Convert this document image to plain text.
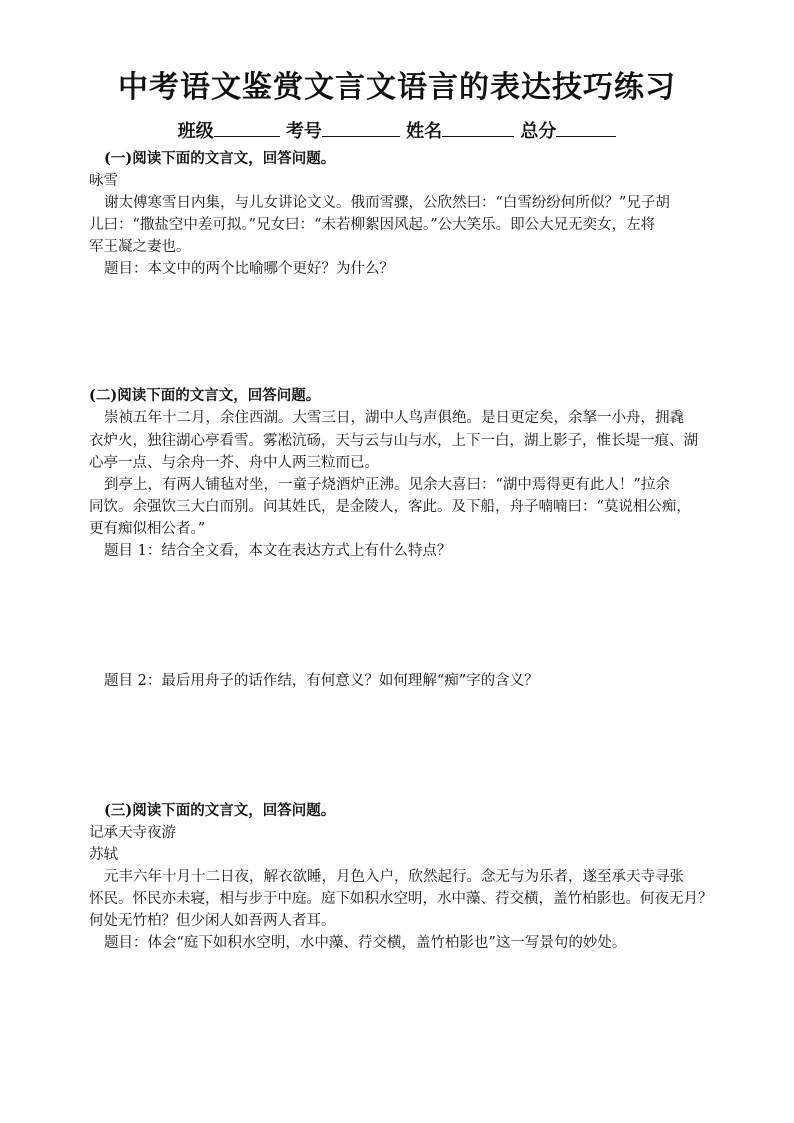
中考语文鉴赏文言文语言的表达技巧练习
班级	考号	姓名	总分
(一)阅读下面的文言文，回答问题。
咏雪
谢太傅寒雪日内集，与儿女讲论文义。俄而雪骤，公欣然曰：“白雪纷纷何所似？”兄子胡
儿曰：“撒盐空中差可拟。”兄女曰：“未若柳絮因风起。”公大笑乐。即公大兄无奕女，左将
军王凝之妻也。
题目：本文中的两个比喻哪个更好？为什么？
(二)阅读下面的文言文，回答问题。
崇祯五年十二月，余住西湖。大雪三日，湖中人鸟声俱绝。是日更定矣，余拏一小舟，拥毳
衣炉火，独往湖心亭看雪。雾凇沆砀，天与云与山与水，上下一白，湖上影子，惟长堤一痕、湖
心亭一点、与余舟一芥、舟中人两三粒而已。
到亭上，有两人铺毡对坐，一童子烧酒炉正沸。见余大喜曰：“湖中焉得更有此人！”拉余
同饮。余强饮三大白而别。问其姓氏，是金陵人，客此。及下船，舟子喃喃曰：“莫说相公痴，
更有痴似相公者。”
题目 1：结合全文看，本文在表达方式上有什么特点？
题目 2：最后用舟子的话作结，有何意义？如何理解“痴”字的含义？
(三)阅读下面的文言文，回答问题。
记承天寺夜游
苏轼
元丰六年十月十二日夜，解衣欲睡，月色入户，欣然起行。念无与为乐者，遂至承天寺寻张
怀民。怀民亦未寝，相与步于中庭。庭下如积水空明，水中藻、荇交横，盖竹柏影也。何夜无月？
何处无竹柏？但少闲人如吾两人者耳。
题目：体会“庭下如积水空明，水中藻、荇交横，盖竹柏影也”这一写景句的妙处。
